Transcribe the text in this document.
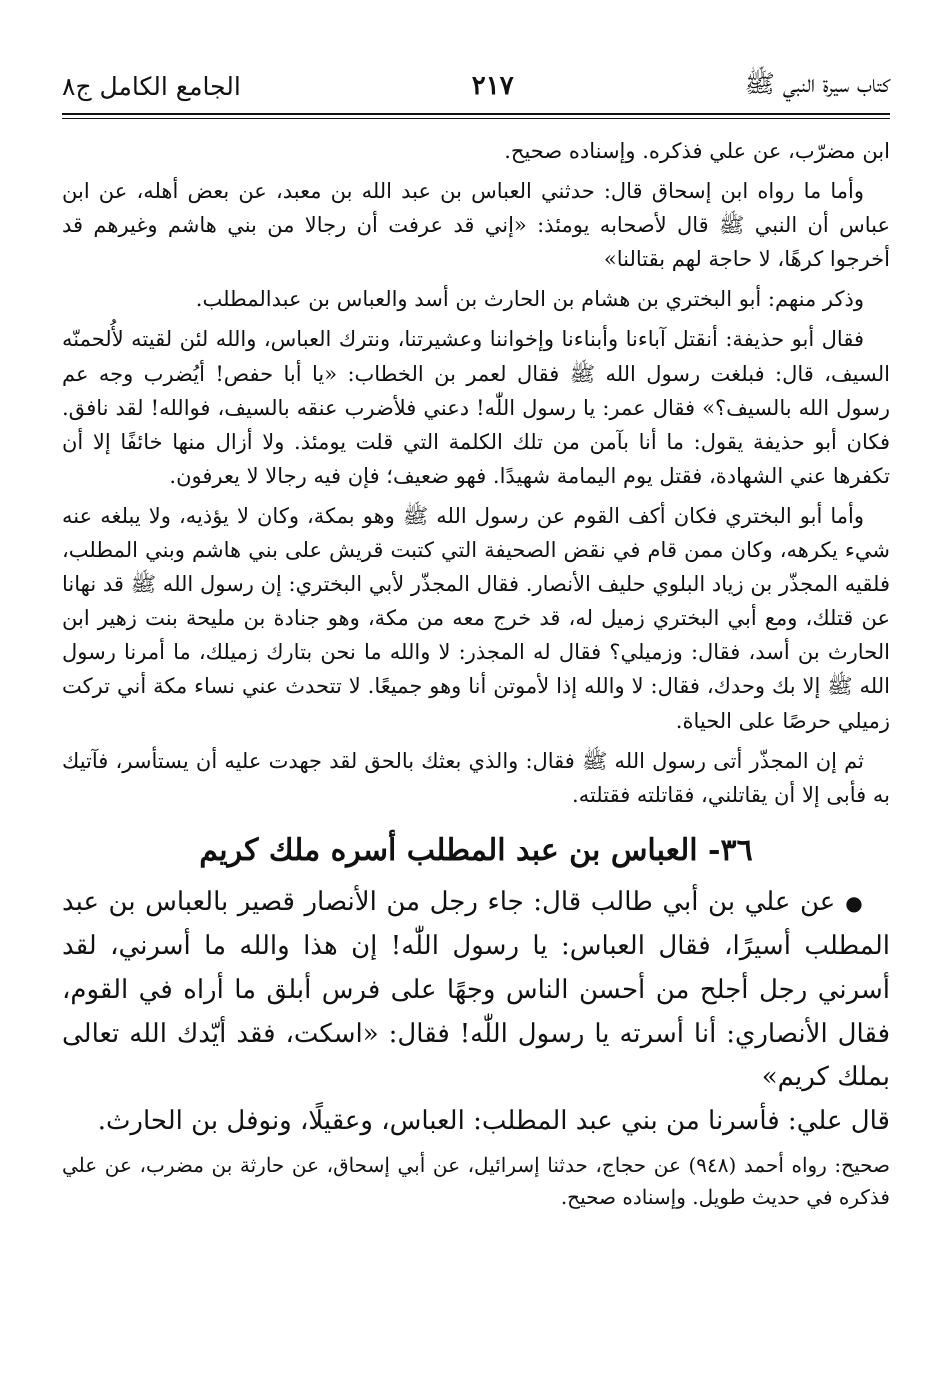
كتاب سيرة النبي ﷺ
٢١٧
الجامع الكامل ج٨

ابن مضرّب، عن علي فذكره. وإسناده صحيح.

وأما ما رواه ابن إسحاق قال: حدثني العباس بن عبد الله بن معبد، عن بعض أهله، عن ابن عباس أن النبي ﷺ قال لأصحابه يومئذ: «إني قد عرفت أن رجالا من بني هاشم وغيرهم قد أخرجوا كرهًا، لا حاجة لهم بقتالنا»

وذكر منهم: أبو البختري بن هشام بن الحارث بن أسد والعباس بن عبدالمطلب.

فقال أبو حذيفة: أنقتل آباءنا وأبناءنا وإخواننا وعشيرتنا، ونترك العباس، والله لئن لقيته لأُلحمنّه السيف، قال: فبلغت رسول الله ﷺ فقال لعمر بن الخطاب: «يا أبا حفص! أيُضرب وجه عم رسول الله بالسيف؟» فقال عمر: يا رسول اللّٰه! دعني فلأضرب عنقه بالسيف، فوالله! لقد نافق. فكان أبو حذيفة يقول: ما أنا بآمن من تلك الكلمة التي قلت يومئذ. ولا أزال منها خائفًا إلا أن تكفرها عني الشهادة، فقتل يوم اليمامة شهيدًا. فهو ضعيف؛ فإن فيه رجالا لا يعرفون.

وأما أبو البختري فكان أكف القوم عن رسول الله ﷺ وهو بمكة، وكان لا يؤذيه، ولا يبلغه عنه شيء يكرهه، وكان ممن قام في نقض الصحيفة التي كتبت قريش على بني هاشم وبني المطلب، فلقيه المجذّر بن زياد البلوي حليف الأنصار. فقال المجذّر لأبي البختري: إن رسول الله ﷺ قد نهانا عن قتلك، ومع أبي البختري زميل له، قد خرج معه من مكة، وهو جنادة بن مليحة بنت زهير ابن الحارث بن أسد، فقال: وزميلي؟ فقال له المجذر: لا والله ما نحن بتارك زميلك، ما أمرنا رسول الله ﷺ إلا بك وحدك، فقال: لا والله إذا لأموتن أنا وهو جميعًا. لا تتحدث عني نساء مكة أني تركت زميلي حرصًا على الحياة.

ثم إن المجذّر أتى رسول الله ﷺ فقال: والذي بعثك بالحق لقد جهدت عليه أن يستأسر، فآتيك به فأبى إلا أن يقاتلني، فقاتلته فقتلته.

٣٦- العباس بن عبد المطلب أسره ملك كريم

●عن علي بن أبي طالب قال: جاء رجل من الأنصار قصير بالعباس بن عبد المطلب أسيرًا، فقال العباس: يا رسول اللّٰه! إن هذا والله ما أسرني، لقد أسرني رجل أجلح من أحسن الناس وجهًا على فرس أبلق ما أراه في القوم، فقال الأنصاري: أنا أسرته يا رسول اللّٰه! فقال: «اسكت، فقد أيّدك الله تعالى بملك كريم»

قال علي: فأسرنا من بني عبد المطلب: العباس، وعقيلًا، ونوفل بن الحارث.

صحيح: رواه أحمد (٩٤٨) عن حجاج، حدثنا إسرائيل، عن أبي إسحاق، عن حارثة بن مضرب، عن علي فذكره في حديث طويل. وإسناده صحيح.
